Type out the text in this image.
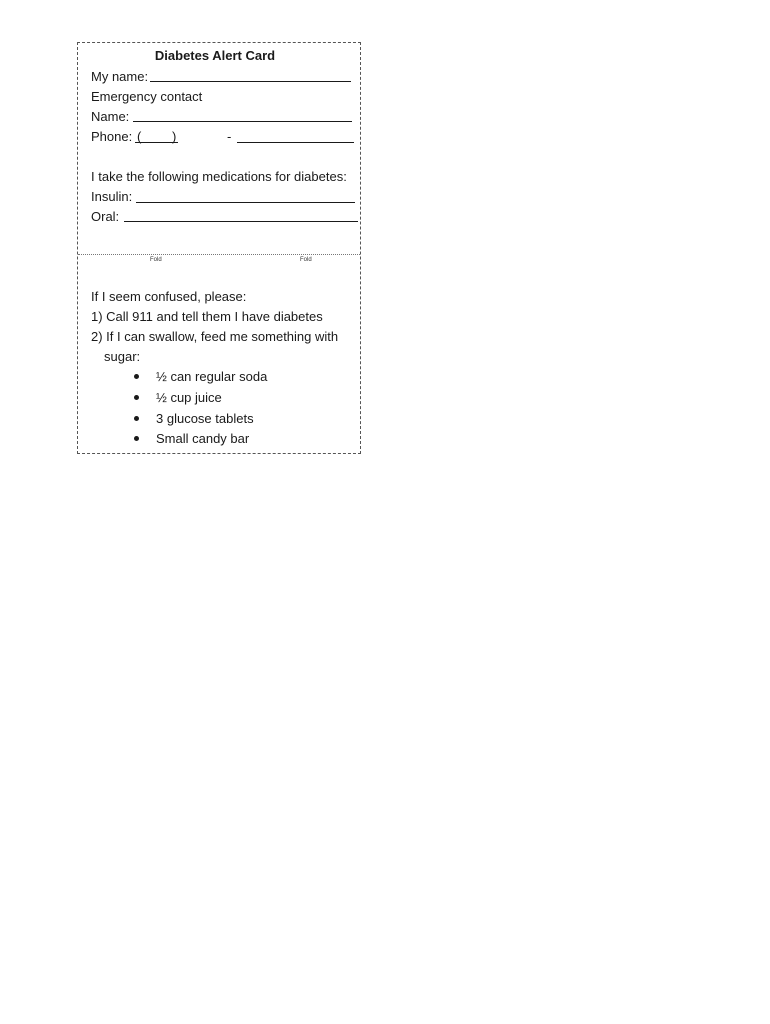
Diabetes Alert Card
My name:
Emergency contact
Name:
Phone: ( )	-
I take the following medications for diabetes:
Insulin:
Oral:
Fold	Fold
If I seem confused, please:
1) Call 911 and tell them I have diabetes
2) If I can swallow, feed me something with
sugar:
½ can regular soda
½ cup juice
3 glucose tablets
Small candy bar
